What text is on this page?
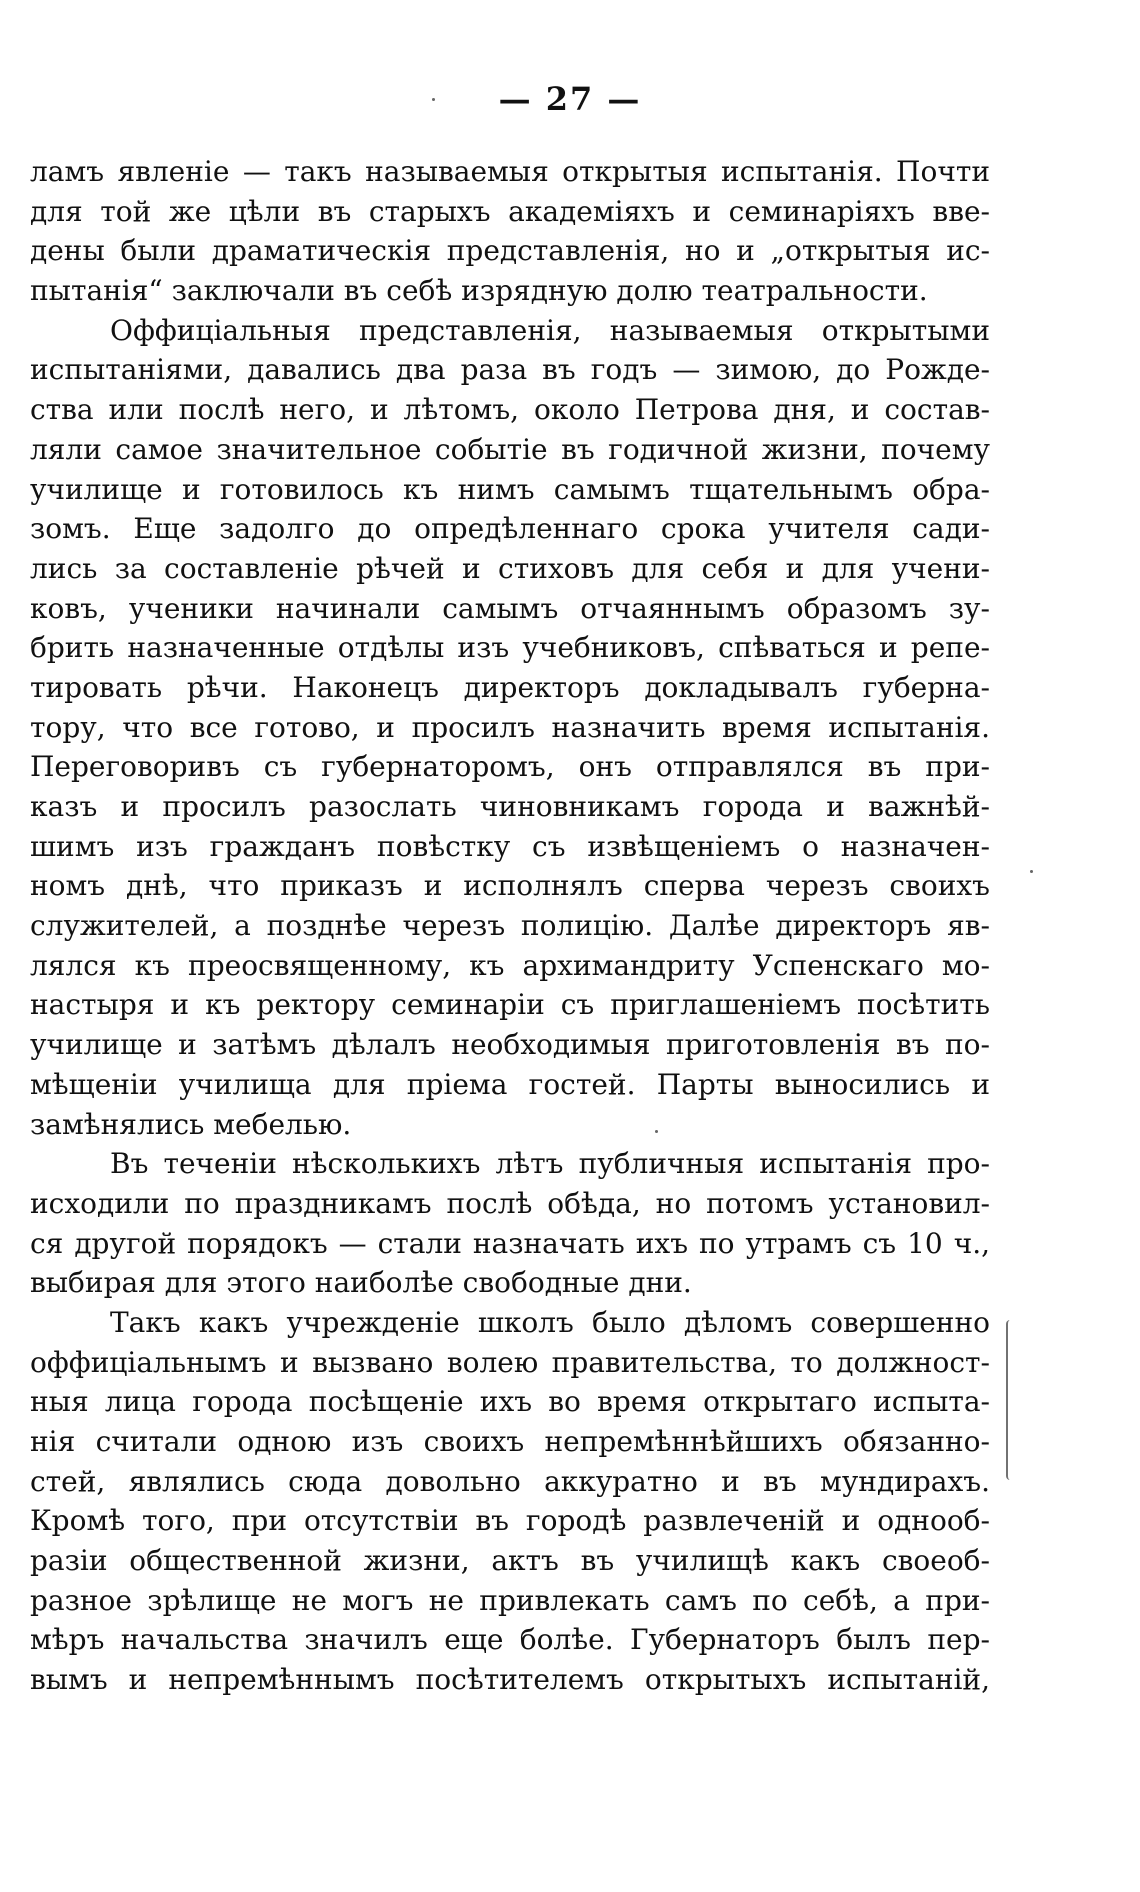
— 27 —
ламъ явленіе — такъ называемыя открытыя испытанія. Почти
для той же цѣли въ старыхъ академіяхъ и семинаріяхъ вве-
дены были драматическія представленія, но и „открытыя ис-
пытанія“ заключали въ себѣ изрядную долю театральности.
Оффиціальныя представленія, называемыя открытыми
испытаніями, давались два раза въ годъ — зимою, до Рожде-
ства или послѣ него, и лѣтомъ, около Петрова дня, и состав-
ляли самое значительное событіе въ годичной жизни, почему
училище и готовилось къ нимъ самымъ тщательнымъ обра-
зомъ. Еще задолго до опредѣленнаго срока учителя сади-
лись за составленіе рѣчей и стиховъ для себя и для учени-
ковъ, ученики начинали самымъ отчаяннымъ образомъ зу-
брить назначенные отдѣлы изъ учебниковъ, спѣваться и репе-
тировать рѣчи. Наконецъ директоръ докладывалъ губерна-
тору, что все готово, и просилъ назначить время испытанія.
Переговоривъ съ губернаторомъ, онъ отправлялся въ при-
казъ и просилъ разослать чиновникамъ города и важнѣй-
шимъ изъ гражданъ повѣстку съ извѣщеніемъ о назначен-
номъ днѣ, что приказъ и исполнялъ сперва черезъ своихъ
служителей, а позднѣе черезъ полицію. Далѣе директоръ яв-
лялся къ преосвященному, къ архимандриту Успенскаго мо-
настыря и къ ректору семинаріи съ приглашеніемъ посѣтить
училище и затѣмъ дѣлалъ необходимыя приготовленія въ по-
мѣщеніи училища для пріема гостей. Парты выносились и
замѣнялись мебелью.
Въ теченіи нѣсколькихъ лѣтъ публичныя испытанія про-
исходили по праздникамъ послѣ обѣда, но потомъ установил-
ся другой порядокъ — стали назначать ихъ по утрамъ съ 10 ч.,
выбирая для этого наиболѣе свободные дни.
Такъ какъ учрежденіе школъ было дѣломъ совершенно
оффиціальнымъ и вызвано волею правительства, то должност-
ныя лица города посѣщеніе ихъ во время открытаго испыта-
нія считали одною изъ своихъ непремѣннѣйшихъ обязанно-
стей, являлись сюда довольно аккуратно и въ мундирахъ.
Кромѣ того, при отсутствіи въ городѣ развлеченій и однооб-
разіи общественной жизни, актъ въ училищѣ какъ своеоб-
разное зрѣлище не могъ не привлекать самъ по себѣ, а при-
мѣръ начальства значилъ еще болѣе. Губернаторъ былъ пер-
вымъ и непремѣннымъ посѣтителемъ открытыхъ испытаній,
